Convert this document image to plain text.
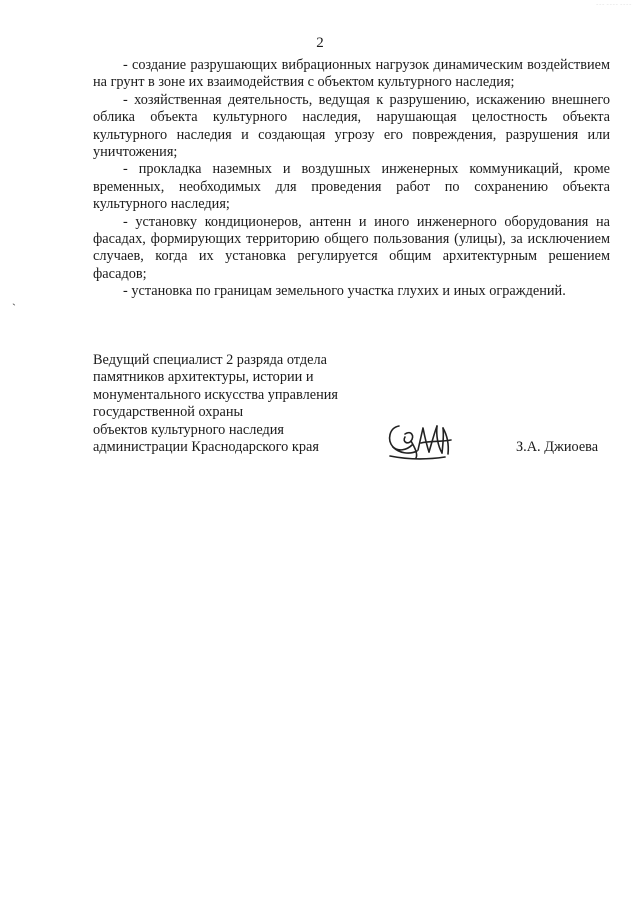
~~~ ~~~~ ~~~~
2

- создание разрушающих вибрационных нагрузок динамическим воздействием на грунт в зоне их взаимодействия с объектом культурного наследия;

- хозяйственная деятельность, ведущая к разрушению, искажению внешнего облика объекта культурного наследия, нарушающая целостность объекта культурного наследия и создающая угрозу его повреждения, разрушения или уничтожения;

- прокладка наземных и воздушных инженерных коммуникаций, кроме временных, необходимых для проведения работ по сохранению объекта культурного наследия;

- установку кондиционеров, антенн и иного инженерного оборудования на фасадах, формирующих территорию общего пользования (улицы), за исключением случаев, когда их установка регулируется общим архитектурным решением фасадов;

- установка по границам земельного участка глухих и иных ограждений.

ˎ
Ведущий специалист 2 разряда отдела
памятников архитектуры, истории и
монументального искусства управления
государственной охраны
объектов культурного наследия
администрации Краснодарского края	З.А. Джиоева
